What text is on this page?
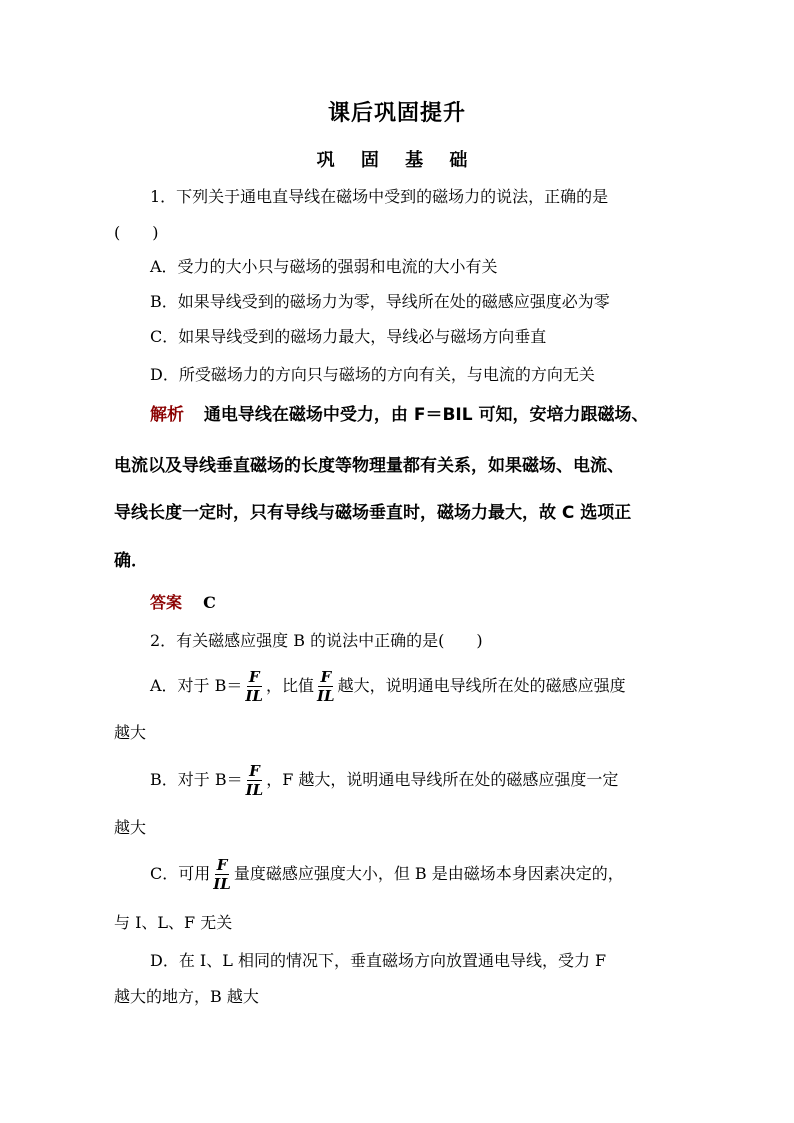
课后巩固提升
巩 固 基 础
1．下列关于通电直导线在磁场中受到的磁场力的说法，正确的是
(　　)
A．受力的大小只与磁场的强弱和电流的大小有关
B．如果导线受到的磁场力为零，导线所在处的磁感应强度必为零
C．如果导线受到的磁场力最大，导线必与磁场方向垂直
D．所受磁场力的方向只与磁场的方向有关，与电流的方向无关
解析 通电导线在磁场中受力，由 F＝BIL 可知，安培力跟磁场、
电流以及导线垂直磁场的长度等物理量都有关系，如果磁场、电流、
导线长度一定时，只有导线与磁场垂直时，磁场力最大，故 C 选项正
确．
答案 C
2．有关磁感应强度 B 的说法中正确的是(　　)
A．对于 $B= \frac{F}{IL}$ ，比值 $\frac{F}{IL}$ 越大，说明通电导线所在处的磁感应强度
越大
B．对于 $B= \frac{F}{IL}$ ，F 越大，说明通电导线所在处的磁感应强度一定
越大
C．可用 $\frac{F}{IL}$ 量度磁感应强度大小，但 B 是由磁场本身因素决定的，
与 I、L、F 无关
D．在 I、L 相同的情况下，垂直磁场方向放置通电导线，受力 F
越大的地方，B 越大
